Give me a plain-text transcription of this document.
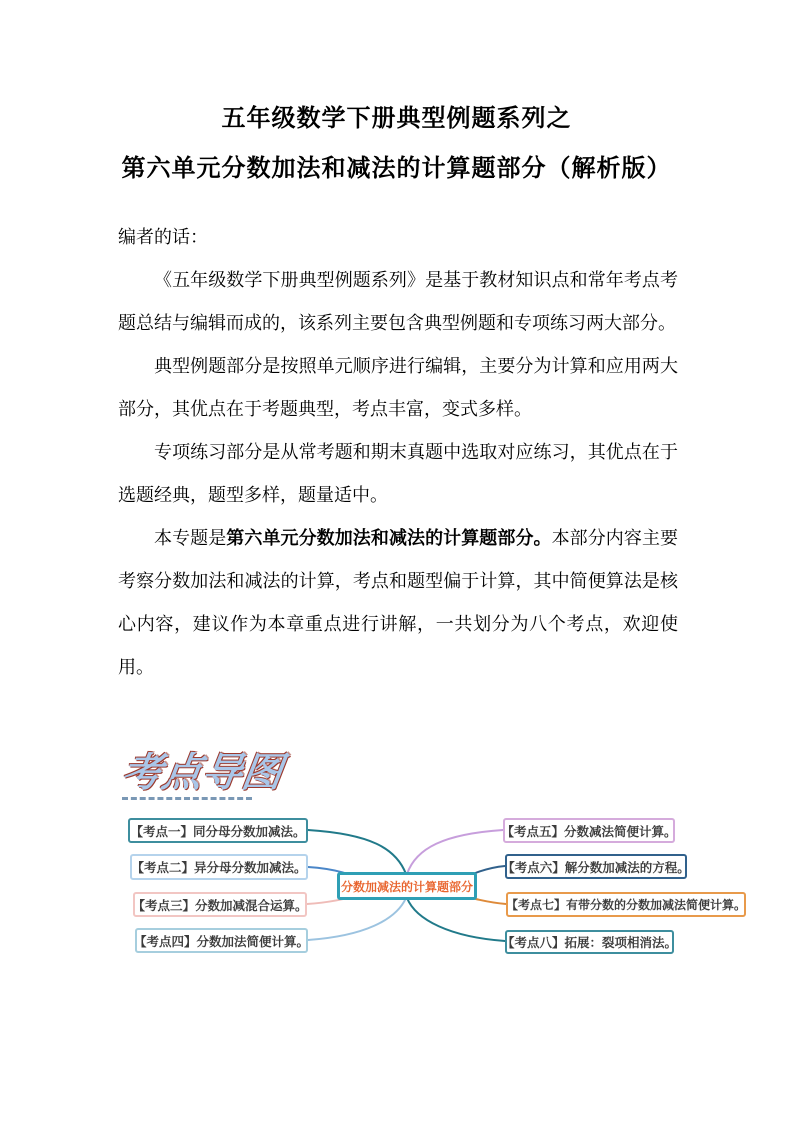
五年级数学下册典型例题系列之
第六单元分数加法和减法的计算题部分（解析版）

编者的话：

《五年级数学下册典型例题系列》是基于教材知识点和常年考点考题总结与编辑而成的，该系列主要包含典型例题和专项练习两大部分。

典型例题部分是按照单元顺序进行编辑，主要分为计算和应用两大部分，其优点在于考题典型，考点丰富，变式多样。

专项练习部分是从常考题和期末真题中选取对应练习，其优点在于选题经典，题型多样，题量适中。

本专题是第六单元分数加法和减法的计算题部分。本部分内容主要考察分数加法和减法的计算，考点和题型偏于计算，其中简便算法是核心内容，建议作为本章重点进行讲解，一共划分为八个考点，欢迎使用。

考点导图
【考点一】同分母分数加减法。
【考点二】异分母分数加减法。
【考点三】分数加减混合运算。
【考点四】分数加法简便计算。
【考点五】分数减法简便计算。
【考点六】解分数加减法的方程。
【考点七】有带分数的分数加减法简便计算。
【考点八】拓展：裂项相消法。
分数加减法的计算题部分
